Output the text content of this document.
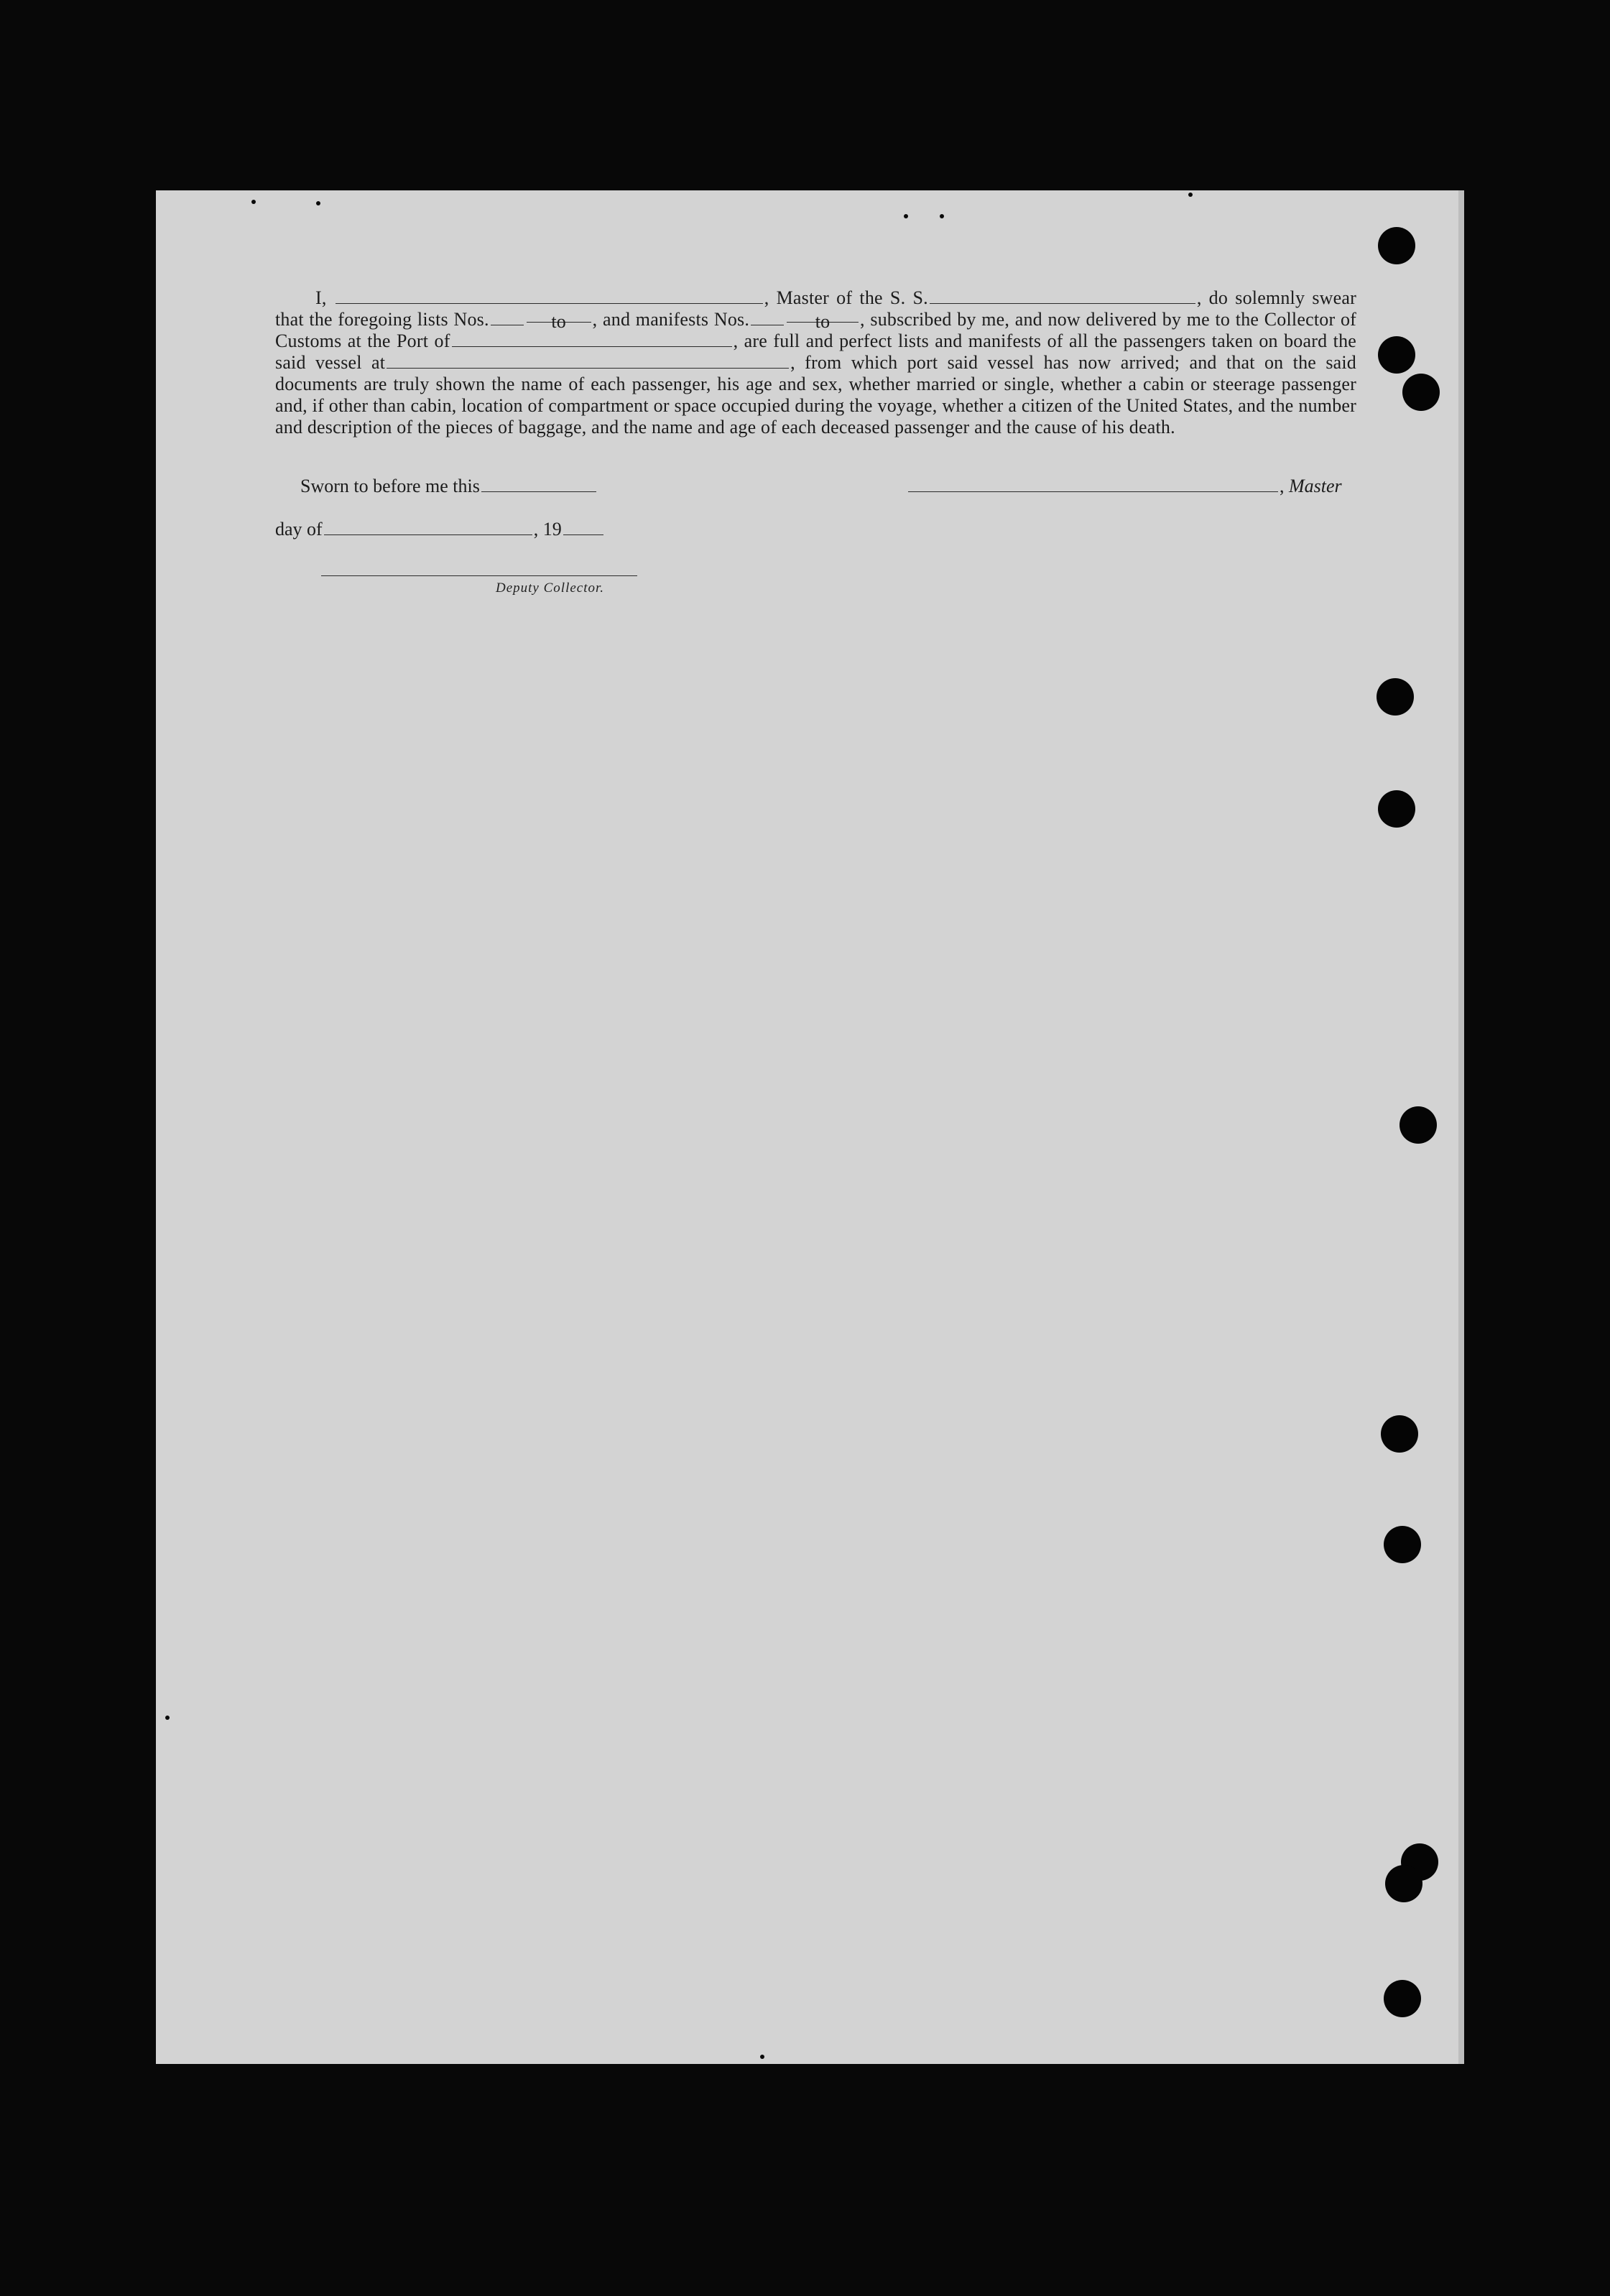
I,	, Master of the S. S.	, do solemnly swear that the foregoing lists Nos.	to , and manifests Nos.	to , subscribed by me, and now delivered by me to the Collector of Customs at the Port of	, are full and perfect lists and manifests of all the passengers taken on board the said vessel at	, from which port said vessel has now arrived; and that on the said documents are truly shown the name of each passenger, his age and sex, whether married or single, whether a cabin or steerage passenger and, if other than cabin, location of compartment or space occupied during the voyage, whether a citizen of the United States, and the number and description of the pieces of baggage, and the name and age of each deceased passenger and the cause of his death.
Sworn to before me this	, Master
day of	, 19
Deputy Collector.
